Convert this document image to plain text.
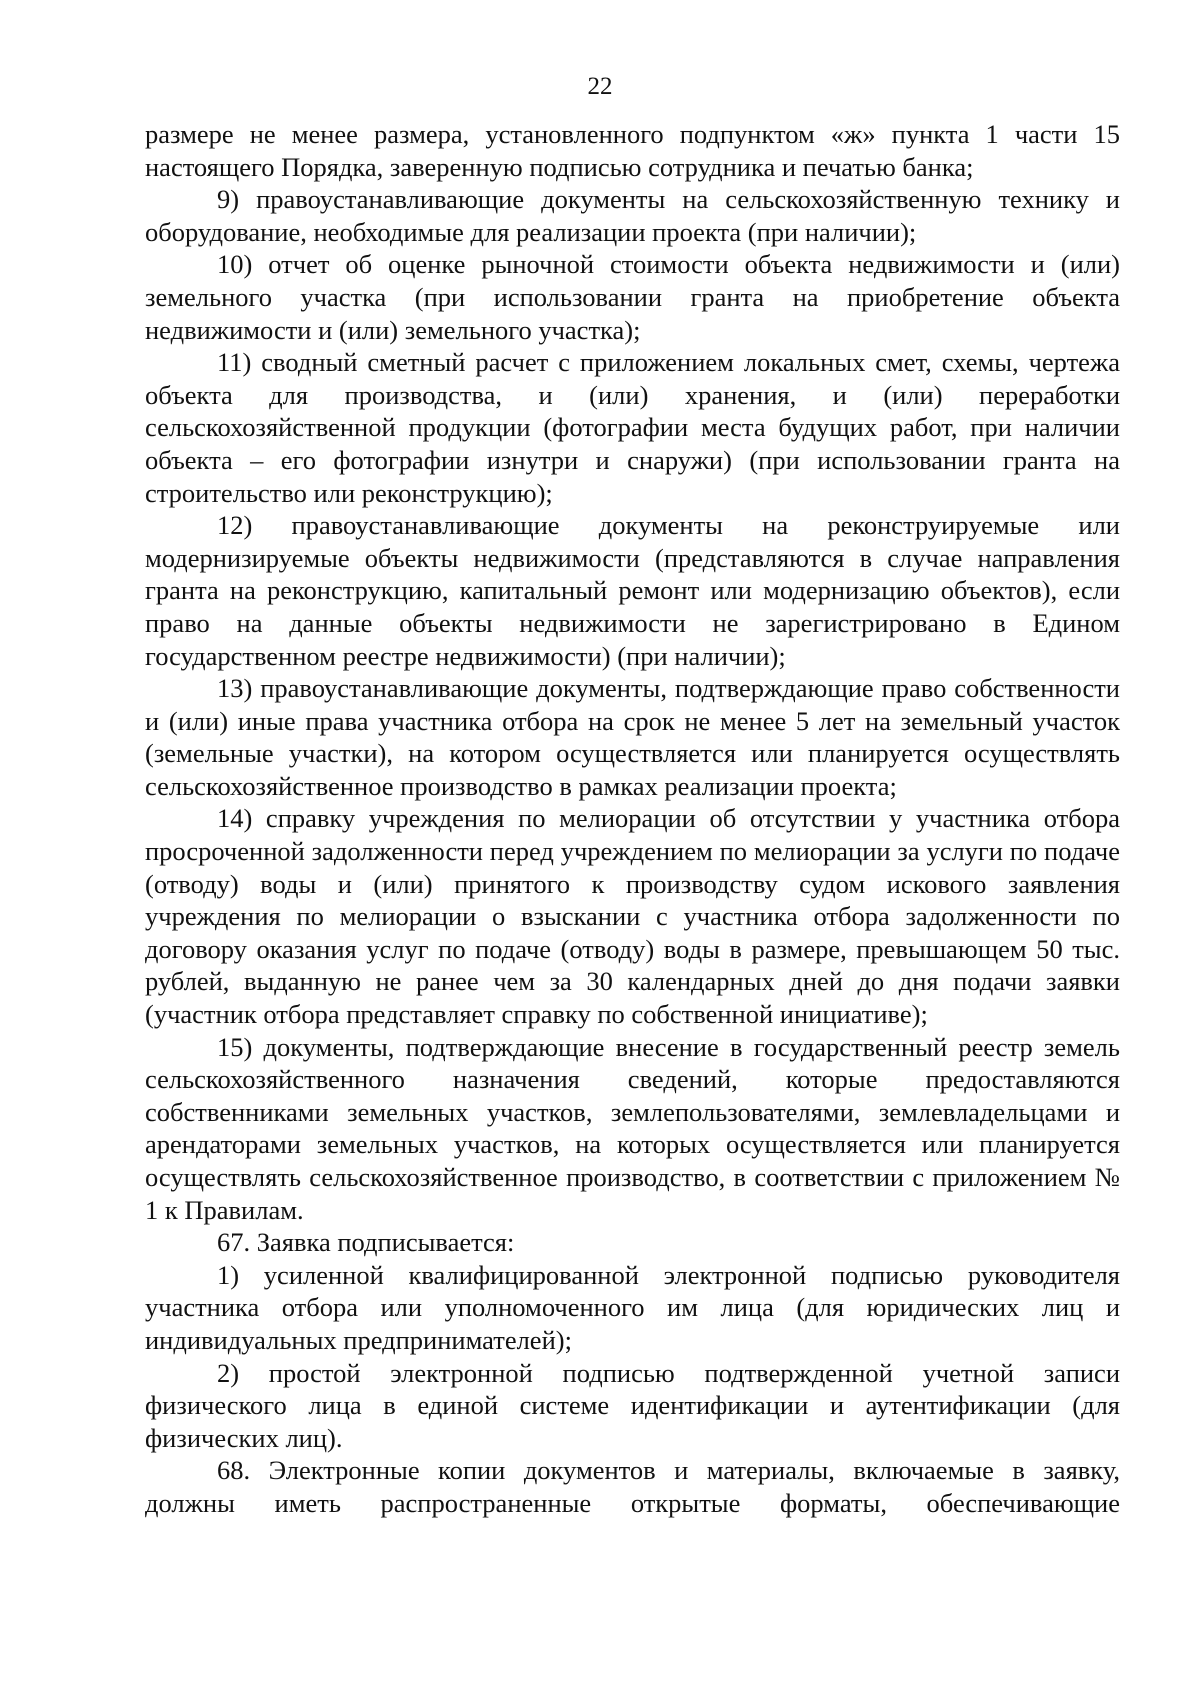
22

размере не менее размера, установленного подпунктом «ж» пункта 1 части 15 настоящего Порядка, заверенную подписью сотрудника и печатью банка;

9) правоустанавливающие документы на сельскохозяйственную технику и оборудование, необходимые для реализации проекта (при наличии);

10) отчет об оценке рыночной стоимости объекта недвижимости и (или) земельного участка (при использовании гранта на приобретение объекта недвижимости и (или) земельного участка);

11) сводный сметный расчет с приложением локальных смет, схемы, чертежа объекта для производства, и (или) хранения, и (или) переработки сельскохозяйственной продукции (фотографии места будущих работ, при наличии объекта – его фотографии изнутри и снаружи) (при использовании гранта на строительство или реконструкцию);

12) правоустанавливающие документы на реконструируемые или модернизируемые объекты недвижимости (представляются в случае направления гранта на реконструкцию, капитальный ремонт или модернизацию объектов), если право на данные объекты недвижимости не зарегистрировано в Едином государственном реестре недвижимости) (при наличии);

13) правоустанавливающие документы, подтверждающие право собственности и (или) иные права участника отбора на срок не менее 5 лет на земельный участок (земельные участки), на котором осуществляется или планируется осуществлять сельскохозяйственное производство в рамках реализации проекта;

14) справку учреждения по мелиорации об отсутствии у участника отбора просроченной задолженности перед учреждением по мелиорации за услуги по подаче (отводу) воды и (или) принятого к производству судом искового заявления учреждения по мелиорации о взыскании с участника отбора задолженности по договору оказания услуг по подаче (отводу) воды в размере, превышающем 50 тыс. рублей, выданную не ранее чем за 30 календарных дней до дня подачи заявки (участник отбора представляет справку по собственной инициативе);

15) документы, подтверждающие внесение в государственный реестр земель сельскохозяйственного назначения сведений, которые предоставляются собственниками земельных участков, землепользователями, землевладельцами и арендаторами земельных участков, на которых осуществляется или планируется осуществлять сельскохозяйственное производство, в соответствии с приложением № 1 к Правилам.

67. Заявка подписывается:

1) усиленной квалифицированной электронной подписью руководителя участника отбора или уполномоченного им лица (для юридических лиц и индивидуальных предпринимателей);

2) простой электронной подписью подтвержденной учетной записи физического лица в единой системе идентификации и аутентификации (для физических лиц).

68. Электронные копии документов и материалы, включаемые в заявку, должны иметь распространенные открытые форматы, обеспечивающие
